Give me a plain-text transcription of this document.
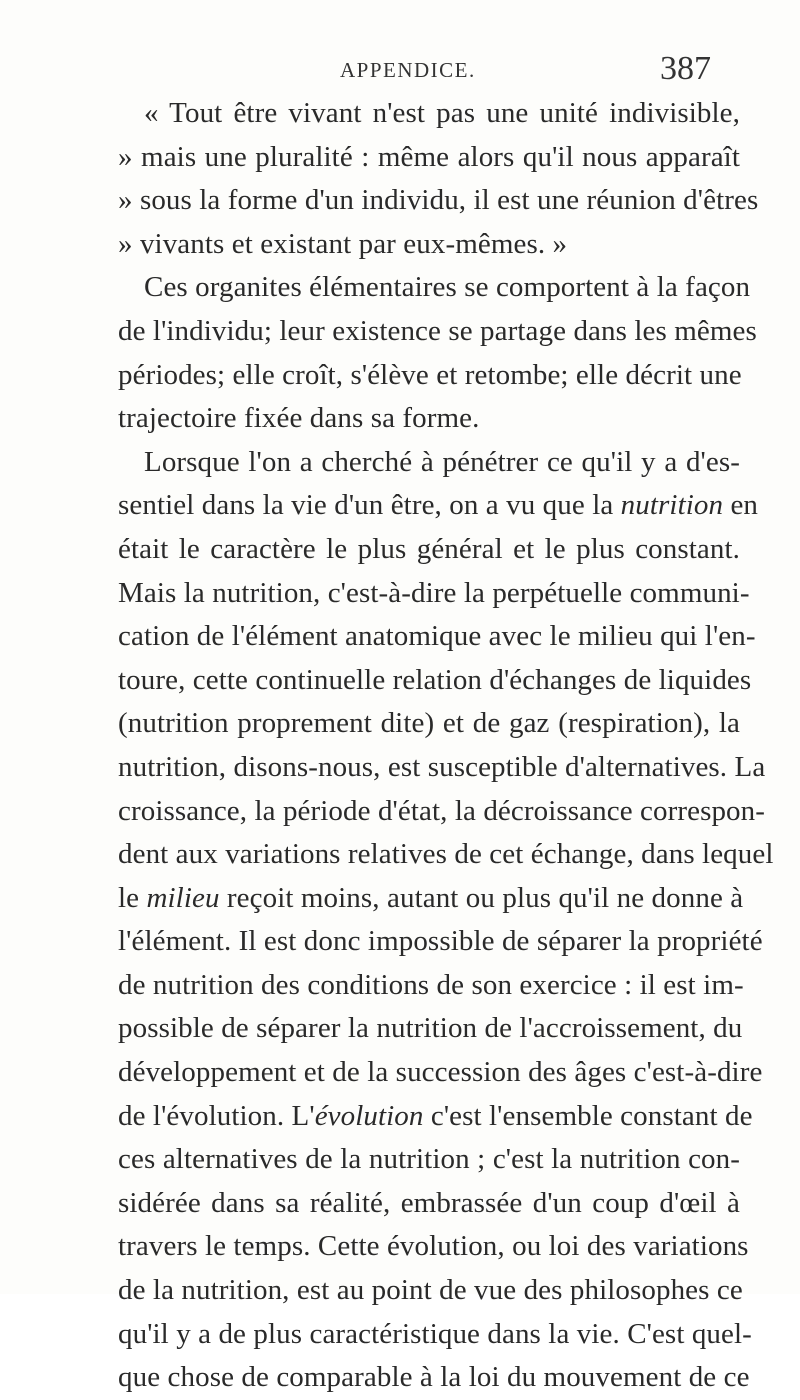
APPENDICE.	387
« Tout être vivant n'est pas une unité indivisible,
» mais une pluralité : même alors qu'il nous apparaît
» sous la forme d'un individu, il est une réunion d'êtres
» vivants et existant par eux-mêmes. »
Ces organites élémentaires se comportent à la façon
de l'individu; leur existence se partage dans les mêmes
périodes; elle croît, s'élève et retombe; elle décrit une
trajectoire fixée dans sa forme.
Lorsque l'on a cherché à pénétrer ce qu'il y a d'es-
sentiel dans la vie d'un être, on a vu que la nutrition en
était le caractère le plus général et le plus constant.
Mais la nutrition, c'est-à-dire la perpétuelle communi-
cation de l'élément anatomique avec le milieu qui l'en-
toure, cette continuelle relation d'échanges de liquides
(nutrition proprement dite) et de gaz (respiration), la
nutrition, disons-nous, est susceptible d'alternatives. La
croissance, la période d'état, la décroissance correspon-
dent aux variations relatives de cet échange, dans lequel
le milieu reçoit moins, autant ou plus qu'il ne donne à
l'élément. Il est donc impossible de séparer la propriété
de nutrition des conditions de son exercice : il est im-
possible de séparer la nutrition de l'accroissement, du
développement et de la succession des âges c'est-à-dire
de l'évolution. L'évolution c'est l'ensemble constant de
ces alternatives de la nutrition ; c'est la nutrition con-
sidérée dans sa réalité, embrassée d'un coup d'œil à
travers le temps. Cette évolution, ou loi des variations
de la nutrition, est au point de vue des philosophes ce
qu'il y a de plus caractéristique dans la vie. C'est quel-
que chose de comparable à la loi du mouvement de ce
